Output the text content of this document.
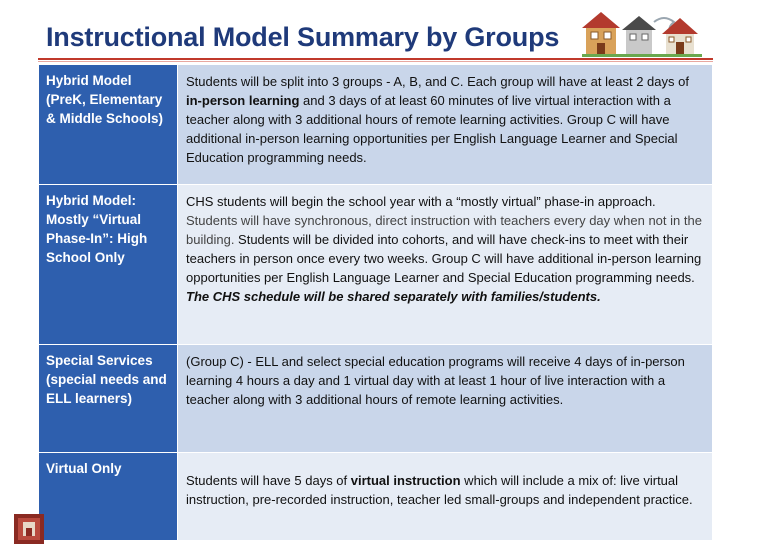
Instructional Model Summary by Groups
Hybrid Model (PreK, Elementary & Middle Schools)	Students will be split into 3 groups - A, B, and C. Each group will have at least 2 days of in-person learning and 3 days of at least 60 minutes of live virtual interaction with a teacher along with 3 additional hours of remote learning activities. Group C will have additional in-person learning opportunities per English Language Learner and Special Education programming needs.

Hybrid Model: Mostly “Virtual Phase-In”: High School Only	CHS students will begin the school year with a “mostly virtual” phase-in approach. Students will have synchronous, direct instruction with teachers every day when not in the building. Students will be divided into cohorts, and will have check-ins to meet with their teachers in person once every two weeks. Group C will have additional in-person learning opportunities per English Language Learner and Special Education programming needs. The CHS schedule will be shared separately with families/students.

Special Services (special needs and ELL learners)	(Group C) - ELL and select special education programs will receive 4 days of in-person learning 4 hours a day and 1 virtual day with at least 1 hour of live interaction with a teacher along with 3 additional hours of remote learning activities.

Virtual Only	Students will have 5 days of virtual instruction which will include a mix of: live virtual instruction, pre-recorded instruction, teacher led small-groups and independent practice.
